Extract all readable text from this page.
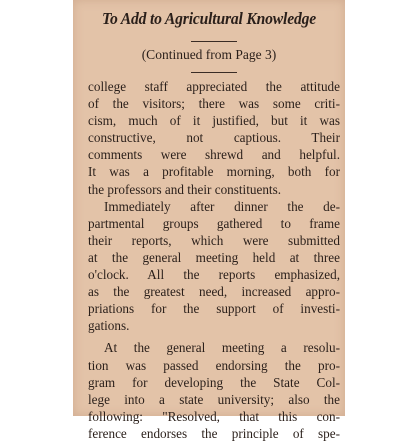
To Add to Agricultural Knowledge
(Continued from Page 3)
college staff appreciated the attitude
of the visitors; there was some criti-
cism, much of it justified, but it was
constructive, not captious. Their
comments were shrewd and helpful.
It was a profitable morning, both for
the professors and their constituents.
Immediately after dinner the de-
partmental groups gathered to frame
their reports, which were submitted
at the general meeting held at three
o'clock. All the reports emphasized,
as the greatest need, increased appro-
priations for the support of investi-
gations.
At the general meeting a resolu-
tion was passed endorsing the pro-
gram for developing the State Col-
lege into a state university; also the
following: "Resolved, that this con-
ference endorses the principle of spe-
